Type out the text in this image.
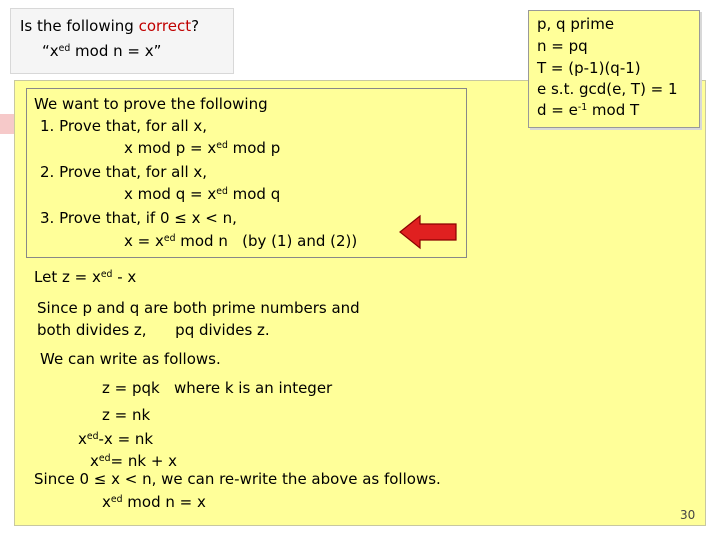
Is the following correct?
“$x^{ed}$ mod n = x”
We want to prove the following
1. Prove that, for all x,
x mod $p = x^{ed}$ mod p
2. Prove that, for all x,
x mod $q = x^{ed}$ mod q
3. Prove that, if 0 ≤ x < n,
$x = x^{ed}$ mod n   (by (1) and (2))
p, q prime
n = pq
T = (p-1)(q-1)
e s.t. gcd(e, T) = 1
$d = e^{-1}$ mod T
Let $z = x^{ed} - x$
Since p and q are both prime numbers and
both divides z,      pq divides z.
We can write as follows.
z = pqk   where k is an integer
z = nk
$x^{ed}-x$ = nk
$x^{ed}=$ nk + x
Since 0 ≤ x < n, we can re-write the above as follows.
$x^{ed}$ mod n = x
30
